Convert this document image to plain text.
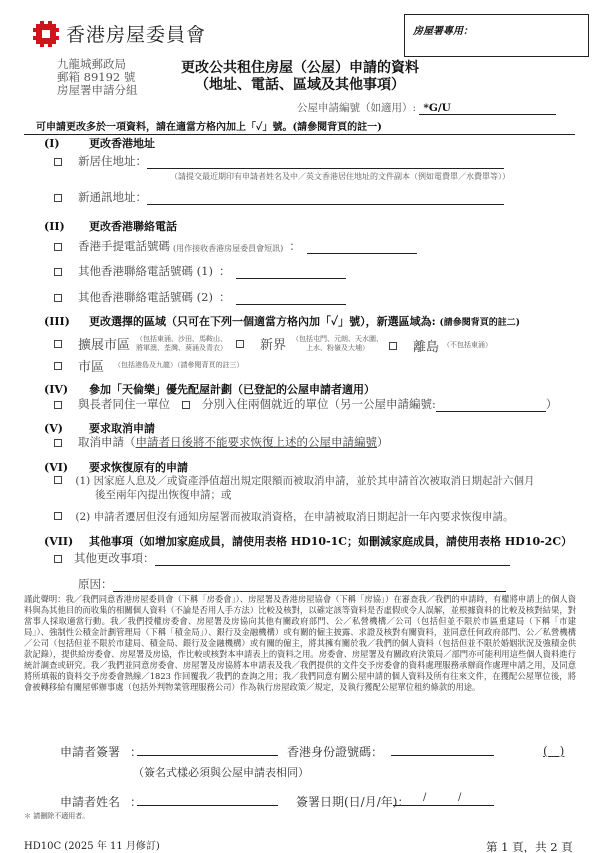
香港房屋委員會
九龍城郵政局
郵箱 89192 號
房屋署申請分組
房屋署專用：
更改公共租住房屋（公屋）申請的資料
（地址、電話、區域及其他事項）
公屋申請編號（如適用）: *G/U
可申請更改多於一項資料，請在適當方格內加上「✓」號。(請參閱背頁的註一)
(I)	更改香港地址
新居住地址：
（請提交最近期印有申請者姓名及中／英文香港居住地址的文件副本（例如電費單／水費單等））
新通訊地址：
(II) 更改香港聯絡電話
香港手提電話號碼 (用作接收香港房屋委員會短訊) ：
其他香港聯絡電話號碼 (1) ：
其他香港聯絡電話號碼 (2) ：
(III) 更改選擇的區域（只可在下列一個適當方格內加「✓」號），新選區域為: (請參閱背頁的註二)
擴展市區 （包括東涌、沙田、馬鞍山、
將軍澳、荃灣、葵涌及青衣）	新界 （包括屯門、元朗、天水圍、
上水、粉嶺及大埔）	離島 （不包括東涌）
市區 （包括港島及九龍）（請參閱背頁的註三）
(IV) 參加「天倫樂」優先配屋計劃（已登記的公屋申請者適用）
與長者同住一單位	分別入住兩個就近的單位（另一公屋申請編號:	）
(V) 要求取消申請
取消申請（ 申請者日後將不能要求恢復上述的公屋申請編號 ）
(VI) 要求恢復原有的申請
(1) 因家庭人息及／或資產淨值超出規定限額而被取消申請，並於其申請首次被取消日期起計六個月
後至兩年內提出恢復申請；或
(2) 申請者遷居但沒有通知房屋署而被取消資格，在申請被取消日期起計一年內要求恢復申請。
(VII) 其他事項（如增加家庭成員，請使用表格 HD10-1C；如刪減家庭成員，請使用表格 HD10-2C）
其他更改事項：
原因：
謹此聲明：我／我們同意香港房屋委員會（下稱「房委會」）、房屋署及香港房屋協會（下稱「房協」）在審查我／我們的申請時，有權將申請上的個人資料與為其他目的而收集的相關個人資料（不論是否用人手方法）比較及核對，以確定該等資料是否虛假或令人誤解，並根據資料的比較及核對結果，對當事人採取適當行動。我／我們授權房委會、房屋署及房協向其他有關政府部門、公／私營機構／公司（包括但並不限於市區重建局（下稱「市建局」）、強制性公積金計劃管理局（下稱「積金局」）、銀行及金融機構）或有關的僱主披露、求證及核對有關資料，並同意任何政府部門、公／私營機構／公司（包括但並不限於市建局、積金局、銀行及金融機構）或有關的僱主，將其擁有關於我／我們的個人資料（包括但並不限於婚姻狀況及強積金供款記錄），提供給房委會、房屋署及房協，作比較或核對本申請表上的資料之用。房委會、房屋署及有關政府決策局／部門亦可能利用這些個人資料進行統計調查或研究。我／我們並同意房委會、房屋署及房協將本申請表及我／我們提供的文件交予房委會的資料處理服務承辦商作處理申請之用，及同意將所填報的資料交予房委會熱線／1823 作回覆我／我們的查詢之用；我／我們同意有關公屋申請的個人資料及所有往來文件，在獲配公屋單位後，將會被轉移給有關屋邨辦事處（包括外判物業管理服務公司）作為執行房屋政策／規定，及執行獲配公屋單位租約條款的用途。
申請者簽署 ：
（簽名式樣必須與公屋申請表相同）
香港身份證號碼：	(　)
申請者姓名 ：	簽署日期(日/月/年)： /	/
＊ 請刪除不適用者。
HD10C (2025 年 11 月修訂)	第 1 頁，共 2 頁
